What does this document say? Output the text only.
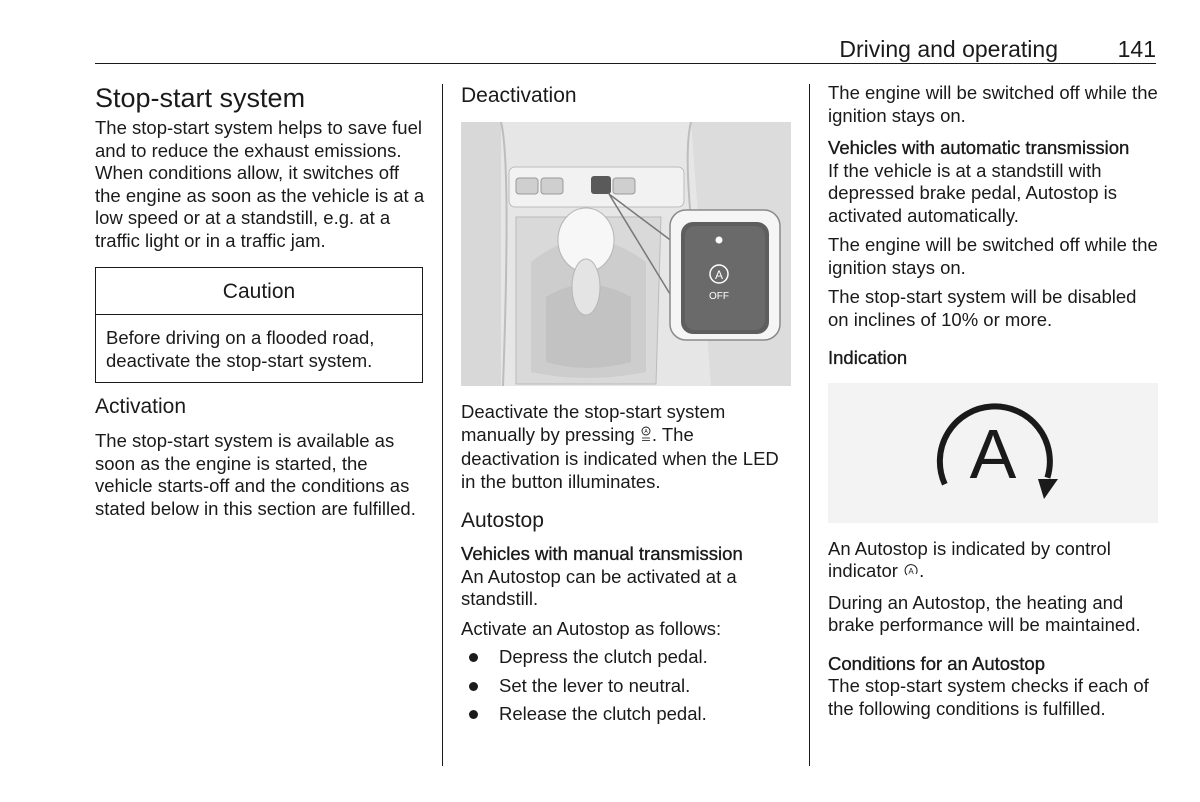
Driving and operating	141
Stop-start system

The stop-start system helps to save fuel and to reduce the exhaust emissions. When conditions allow, it switches off the engine as soon as the vehicle is at a low speed or at a standstill, e.g. at a traffic light or in a traffic jam.

Caution

Before driving on a flooded road, deactivate the stop-start system.

Activation

The stop-start system is available as soon as the engine is started, the vehicle starts-off and the conditions as stated below in this section are fulfilled.

Deactivation
A
OFF

Deactivate the stop-start system manually by pressing A . The deactivation is indicated when the LED in the button illuminates.

Autostop
Vehicles with manual transmission

An Autostop can be activated at a standstill.

Activate an Autostop as follows:

Depress the clutch pedal.
Set the lever to neutral.
Release the clutch pedal.

The engine will be switched off while the ignition stays on.

Vehicles with automatic transmission

If the vehicle is at a standstill with depressed brake pedal, Autostop is activated automatically.

The engine will be switched off while the ignition stays on.

The stop-start system will be disabled on inclines of 10% or more.

Indication
A

An Autostop is indicated by control indicator A .

During an Autostop, the heating and brake performance will be maintained.

Conditions for an Autostop

The stop-start system checks if each of the following conditions is fulfilled.
